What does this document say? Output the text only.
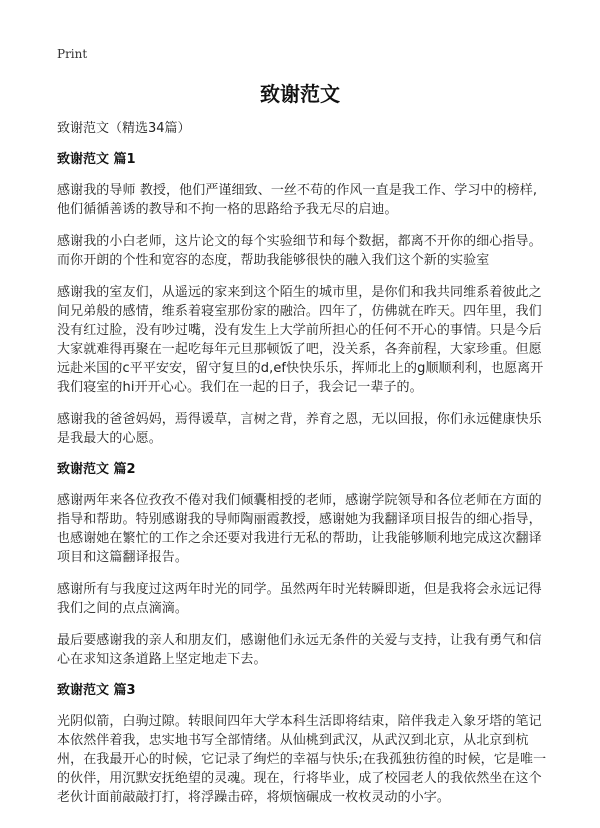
Print
致谢范文

致谢范文（精选34篇）

致谢范文 篇1

感谢我的导师 教授，他们严谨细致、一丝不苟的作风一直是我工作、学习中的榜样,他们循循善诱的教导和不拘一格的思路给予我无尽的启迪。

感谢我的小白老师，这片论文的每个实验细节和每个数据，都离不开你的细心指导。而你开朗的个性和宽容的态度，帮助我能够很快的融入我们这个新的实验室

感谢我的室友们，从遥远的家来到这个陌生的城市里，是你们和我共同维系着彼此之间兄弟般的感情，维系着寝室那份家的融洽。四年了，仿佛就在昨天。四年里，我们没有红过脸，没有吵过嘴，没有发生上大学前所担心的任何不开心的事情。只是今后大家就难得再聚在一起吃每年元旦那顿饭了吧，没关系，各奔前程，大家珍重。但愿远赴米国的c平平安安，留守复旦的d,ef快快乐乐，挥师北上的g顺顺利利，也愿离开我们寝室的hi开开心心。我们在一起的日子，我会记一辈子的。

感谢我的爸爸妈妈，焉得谖草，言树之背，养育之恩，无以回报，你们永远健康快乐是我最大的心愿。

致谢范文 篇2

感谢两年来各位孜孜不倦对我们倾囊相授的老师，感谢学院领导和各位老师在方面的指导和帮助。特别感谢我的导师陶丽霞教授，感谢她为我翻译项目报告的细心指导，也感谢她在繁忙的工作之余还要对我进行无私的帮助，让我能够顺利地完成这次翻译项目和这篇翻译报告。

感谢所有与我度过这两年时光的同学。虽然两年时光转瞬即逝，但是我将会永远记得我们之间的点点滴滴。

最后要感谢我的亲人和朋友们，感谢他们永远无条件的关爱与支持，让我有勇气和信心在求知这条道路上坚定地走下去。

致谢范文 篇3

光阴似箭，白驹过隙。转眼间四年大学本科生活即将结束，陪伴我走入象牙塔的笔记本依然伴着我，忠实地书写全部情绪。从仙桃到武汉，从武汉到北京，从北京到杭州，在我最开心的时候，它记录了绚烂的幸福与快乐;在我孤独彷徨的时候，它是唯一的伙伴，用沉默安抚绝望的灵魂。现在，行将毕业，成了校园老人的我依然坐在这个老伙计面前敲敲打打，将浮躁击碎，将烦恼碾成一枚枚灵动的小字。
